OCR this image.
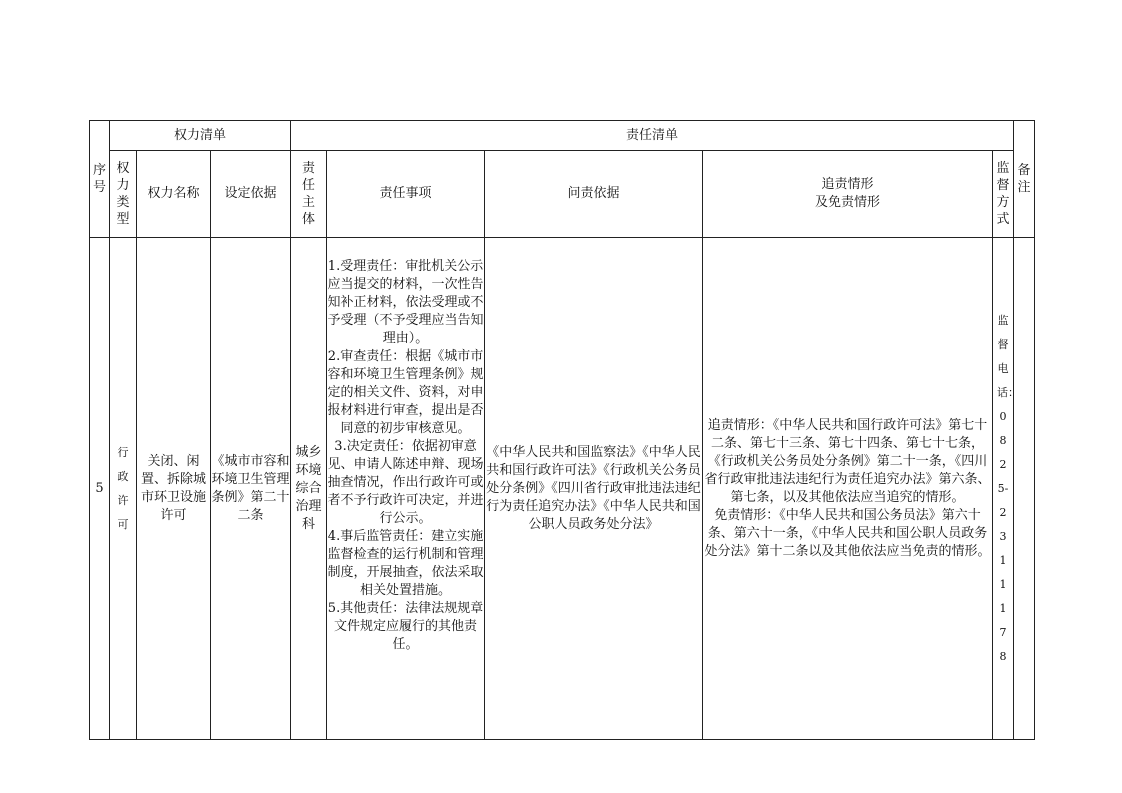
序号	权力清单			责任清单					备注

	权力类型	权力名称	设定依据	责任主体	责任事项	问责依据	追责情形
及免责情形	监督方式	

5	行政许可	关闭、闲置、拆除城市环卫设施许可	《城市市容和环境卫生管理条例》第二十二条	城乡环境综合治理科	1.受理责任：审批机关公示应当提交的材料，一次性告知补正材料，依法受理或不予受理（不予受理应当告知理由）。
2.审查责任：根据《城市市容和环境卫生管理条例》规定的相关文件、资料，对申报材料进行审查，提出是否同意的初步审核意见。
3.决定责任：依据初审意见、申请人陈述申辩、现场抽查情况，作出行政许可或者不予行政许可决定，并进行公示。
4.事后监管责任：建立实施监督检查的运行机制和管理制度，开展抽查，依法采取相关处置措施。
5.其他责任：法律法规规章文件规定应履行的其他责任。	《中华人民共和国监察法》《中华人民共和国行政许可法》《行政机关公务员处分条例》《四川省行政审批违法违纪行为责任追究办法》《中华人民共和国公职人员政务处分法》	追责情形：《中华人民共和国行政许可法》第七十二条、第七十三条、第七十四条、第七十七条，《行政机关公务员处分条例》第二十一条，《四川省行政审批违法违纪行为责任追究办法》第六条、第七条，以及其他依法应当追究的情形。
免责情形：《中华人民共和国公务员法》第六十条、第六十一条，《中华人民共和国公职人员政务处分法》第十二条以及其他依法应当免责的情形。	监督电话：0825-2311178	
